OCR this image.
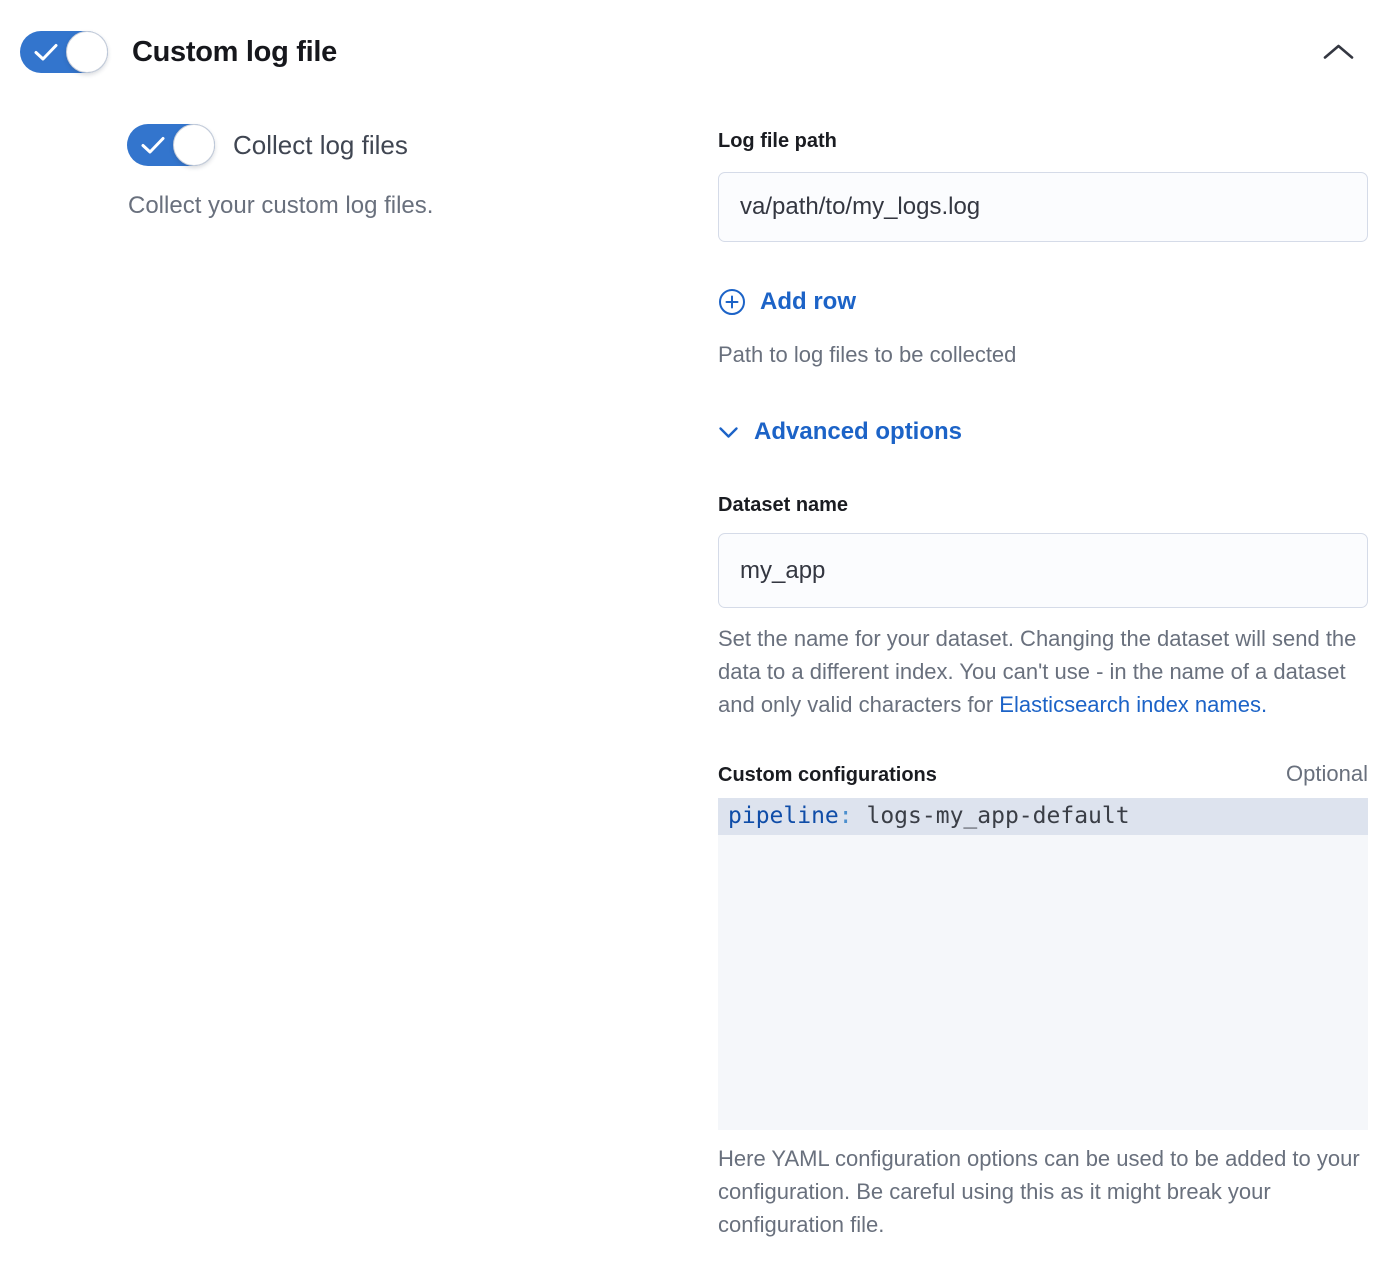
Custom log file
Collect log files

Collect your custom log files.

Log file path
va/path/to/my_logs.log
Add row

Path to log files to be collected

Advanced options
Dataset name
my_app

Set the name for your dataset. Changing the dataset will send the data to a different index. You can't use - in the name of a dataset and only valid characters for Elasticsearch index names.

Custom configurations	Optional
pipeline: logs-my_app-default

Here YAML configuration options can be used to be added to your configuration. Be careful using this as it might break your configuration file.
